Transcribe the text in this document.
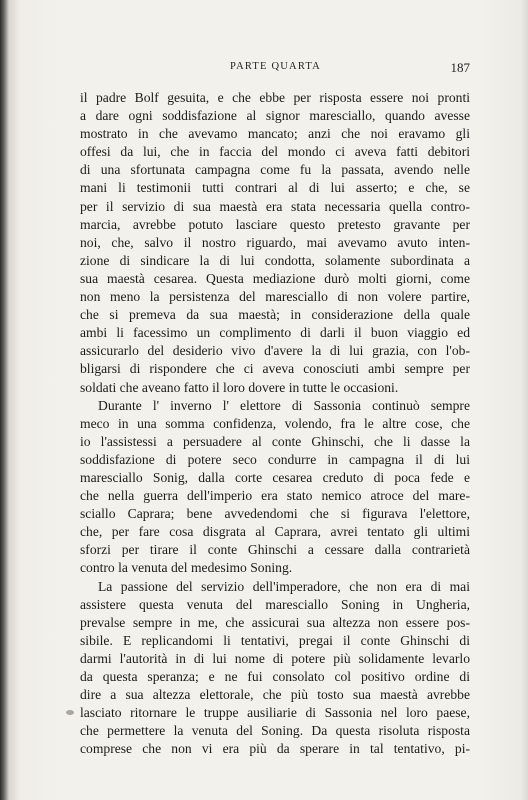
PARTE QUARTA	187
il padre Bolf gesuita, e che ebbe per risposta essere noi pronti
a dare ogni soddisfazione al signor maresciallo, quando avesse
mostrato in che avevamo mancato; anzi che noi eravamo gli
offesi da lui, che in faccia del mondo ci aveva fatti debitori
di una sfortunata campagna come fu la passata, avendo nelle
mani li testimonii tutti contrari al di lui asserto; e che, se
per il servizio di sua maestà era stata necessaria quella contro-
marcia, avrebbe potuto lasciare questo pretesto gravante per
noi, che, salvo il nostro riguardo, mai avevamo avuto inten-
zione di sindicare la di lui condotta, solamente subordinata a
sua maestà cesarea. Questa mediazione durò molti giorni, come
non meno la persistenza del maresciallo di non volere partire,
che si premeva da sua maestà; in considerazione della quale
ambi li facessimo un complimento di darli il buon viaggio ed
assicurarlo del desiderio vivo d'avere la di lui grazia, con l'ob-
bligarsi di rispondere che ci aveva conosciuti ambi sempre per
soldati che aveano fatto il loro dovere in tutte le occasioni.
Durante l' inverno l' elettore di Sassonia continuò sempre
meco in una somma confidenza, volendo, fra le altre cose, che
io l'assistessi a persuadere al conte Ghinschi, che li dasse la
soddisfazione di potere seco condurre in campagna il di lui
maresciallo Sonig, dalla corte cesarea creduto di poca fede e
che nella guerra dell'imperio era stato nemico atroce del mare-
sciallo Caprara; bene avvedendomi che si figurava l'elettore,
che, per fare cosa disgrata al Caprara, avrei tentato gli ultimi
sforzi per tirare il conte Ghinschi a cessare dalla contrarietà
contro la venuta del medesimo Soning.
La passione del servizio dell'imperadore, che non era di mai
assistere questa venuta del maresciallo Soning in Ungheria,
prevalse sempre in me, che assicurai sua altezza non essere pos-
sibile. E replicandomi li tentativi, pregai il conte Ghinschi di
darmi l'autorità in di lui nome di potere più solidamente levarlo
da questa speranza; e ne fui consolato col positivo ordine di
dire a sua altezza elettorale, che più tosto sua maestà avrebbe
lasciato ritornare le truppe ausiliarie di Sassonia nel loro paese,
che permettere la venuta del Soning. Da questa risoluta risposta
comprese che non vi era più da sperare in tal tentativo, pi-
